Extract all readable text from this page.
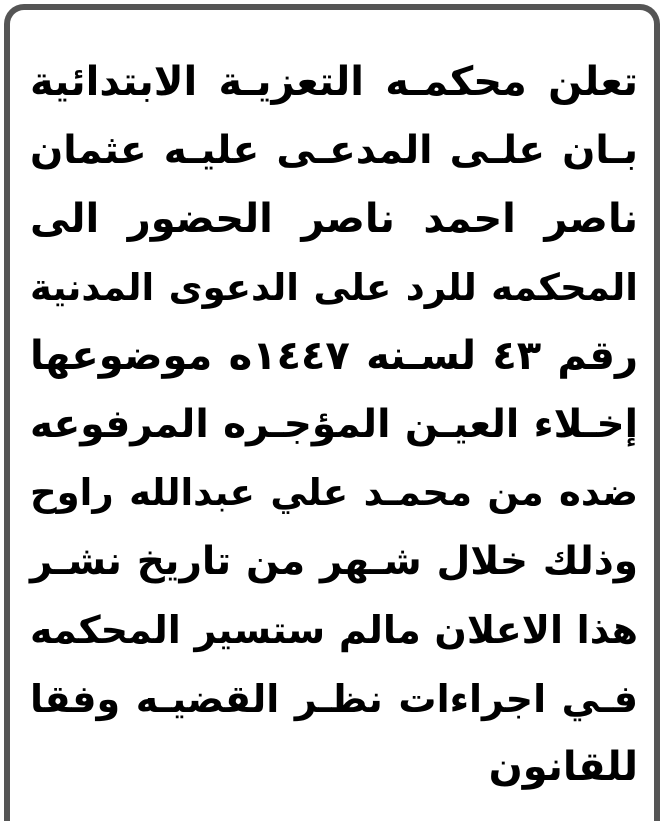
تعلن محكمـه التعزيـة الابتدائية
بـان علـى المدعـى عليـه عثمان
ناصر احمد ناصر الحضور الى
المحكمه للرد على الدعوى المدنية
رقم ٤٣ لسـنه ١٤٤٧ه موضوعها
إخـلاء العيـن المؤجـره المرفوعه
ضده من محمـد علي عبدالله راوح
وذلك خلال شـهر من تاريخ نشـر
هذا الاعلان مالم ستسير المحكمه
فـي اجراءات نظـر القضيـه وفقا
للقانون
